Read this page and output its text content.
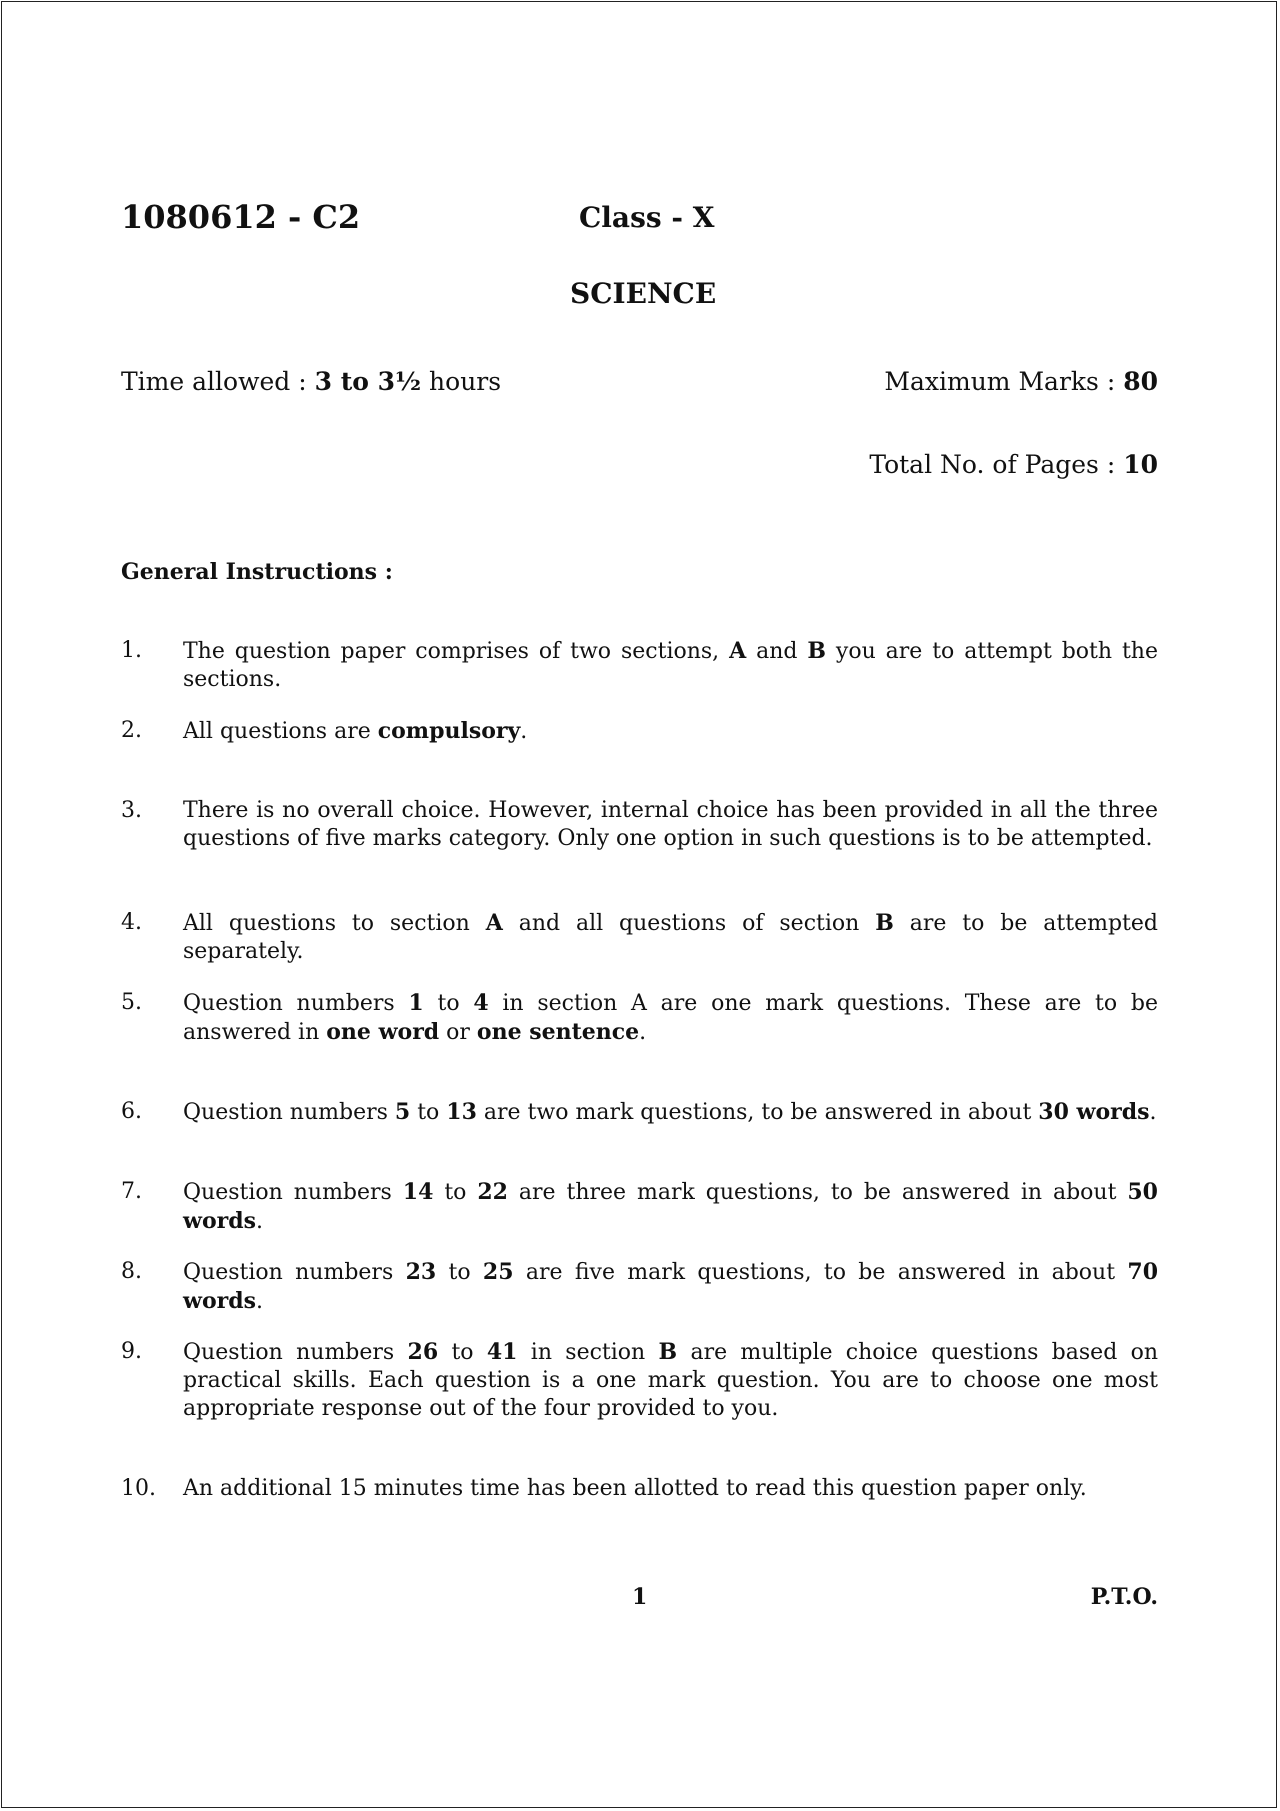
1080612 - C2	Class - X
SCIENCE
Time allowed : 3 to 3½ hours	Maximum Marks : 80
Total No. of Pages : 10
General Instructions :
1. The question paper comprises of two sections, A and B you are to attempt both the sections.
2. All questions are compulsory.
3. There is no overall choice. However, internal choice has been provided in all the three questions of five marks category. Only one option in such questions is to be attempted.
4. All questions to section A and all questions of section B are to be attempted separately.
5. Question numbers 1 to 4 in section A are one mark questions. These are to be answered in one word or one sentence.
6. Question numbers 5 to 13 are two mark questions, to be answered in about 30 words.
7. Question numbers 14 to 22 are three mark questions, to be answered in about 50 words.
8. Question numbers 23 to 25 are five mark questions, to be answered in about 70 words.
9. Question numbers 26 to 41 in section B are multiple choice questions based on practical skills. Each question is a one mark question. You are to choose one most appropriate response out of the four provided to you.
10. An additional 15 minutes time has been allotted to read this question paper only.
1	P.T.O.
